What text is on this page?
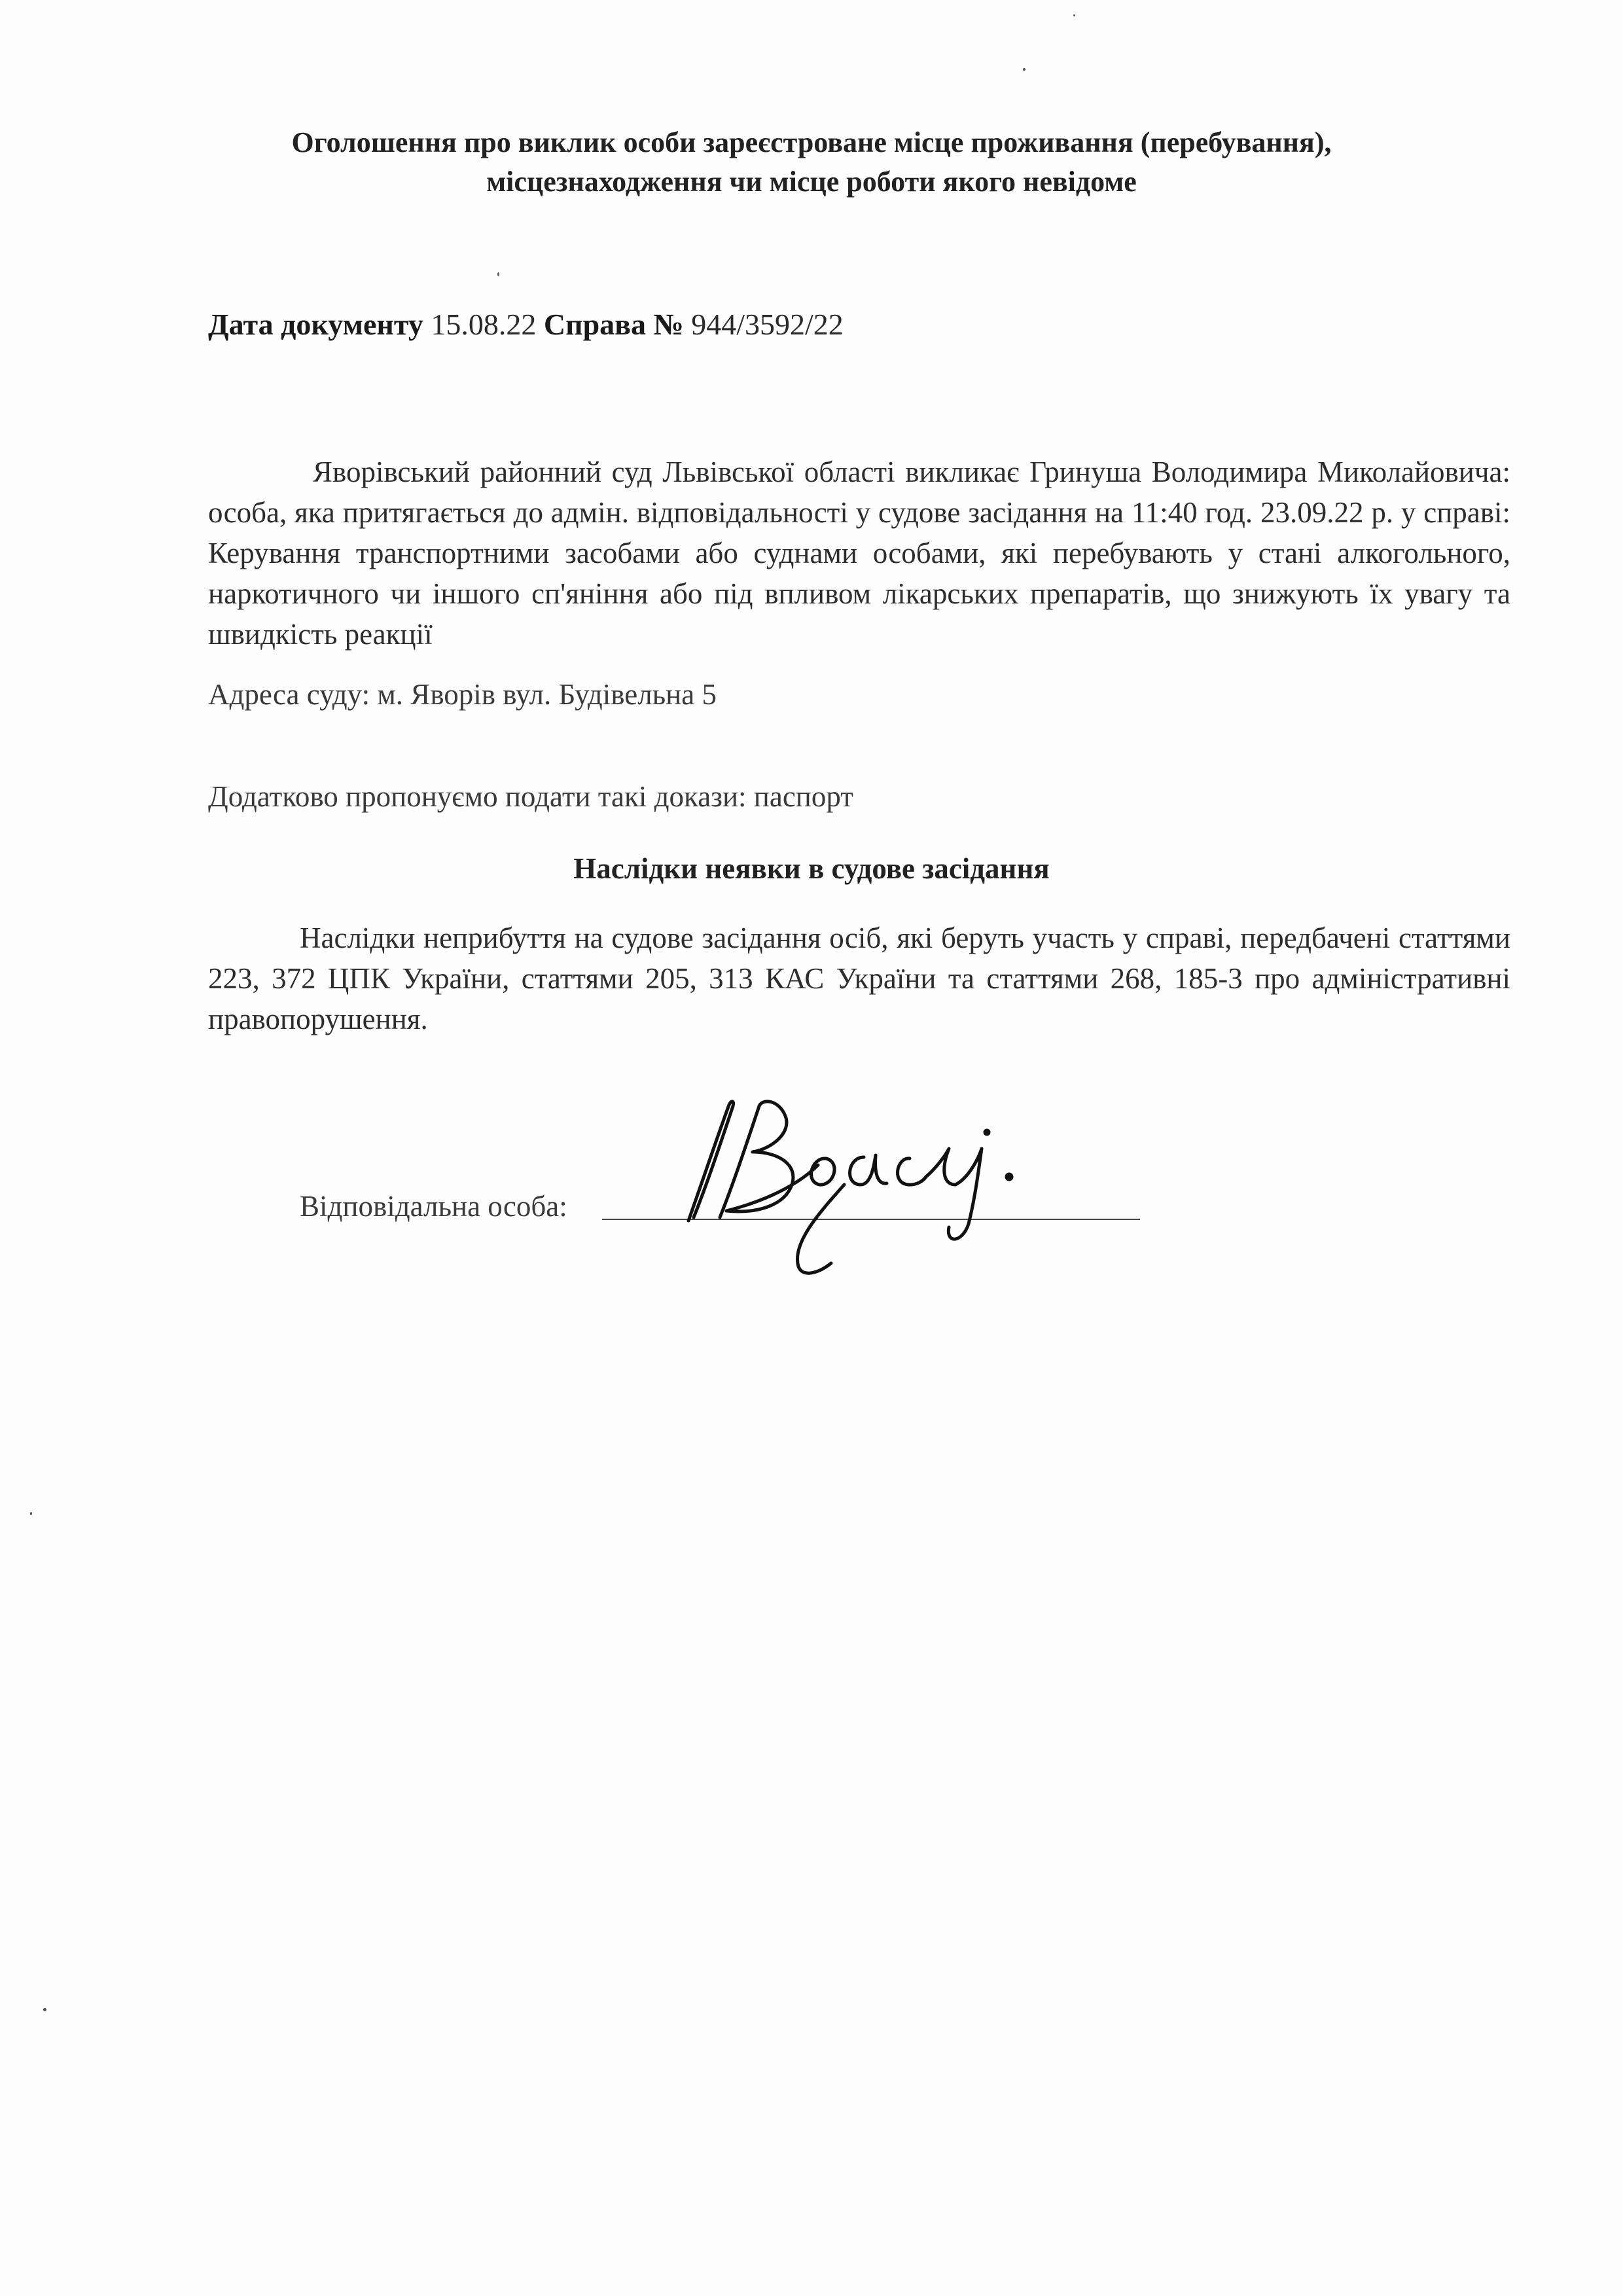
Оголошення про виклик особи зареєстроване місце проживання (перебування),
місцезнаходження чи місце роботи якого невідоме
Дата документу 15.08.22 Справа № 944/3592/22
Яворівський районний суд Львівської області викликає Гринуша Володимира Миколайовича: особа, яка притягається до адмін. відповідальності у судове засідання на 11:40 год. 23.09.22 р. у справі: Керування транспортними засобами або суднами особами, які перебувають у стані алкогольного, наркотичного чи іншого сп'яніння або під впливом лікарських препаратів, що знижують їх увагу та швидкість реакції
Адреса суду: м. Яворів вул. Будівельна 5
Додатково пропонуємо подати такі докази: паспорт
Наслідки неявки в судове засідання
Наслідки неприбуття на судове засідання осіб, які беруть участь у справі, передбачені статтями 223, 372 ЦПК України, статтями 205, 313 КАС України та статтями 268, 185-3 про адміністративні правопорушення.
Відповідальна особа:
